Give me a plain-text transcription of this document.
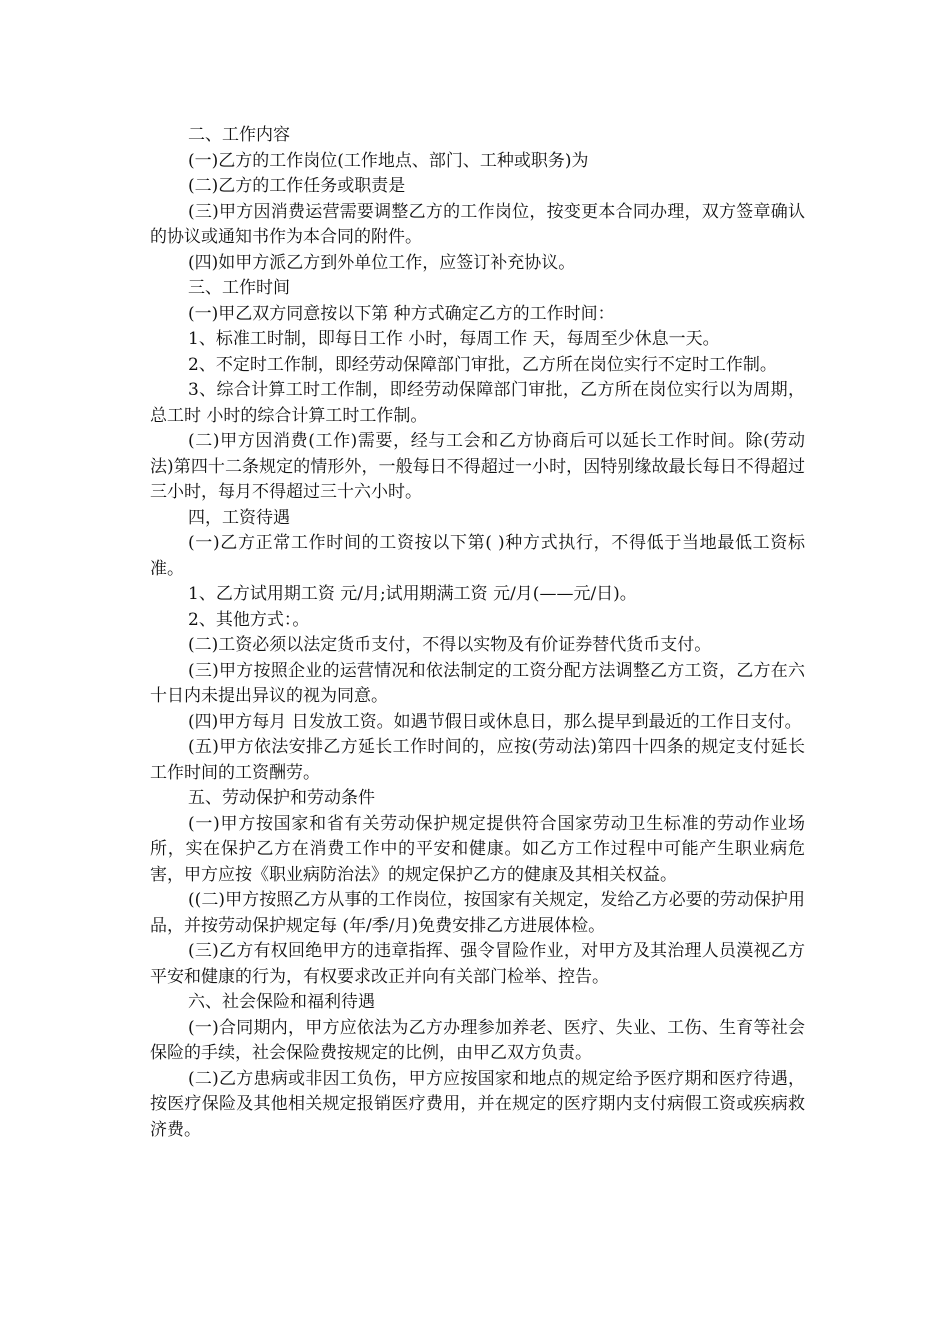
二、工作内容

(一)乙方的工作岗位(工作地点、部门、工种或职务)为

(二)乙方的工作任务或职责是

(三)甲方因消费运营需要调整乙方的工作岗位，按变更本合同办理，双方签章确认的协议或通知书作为本合同的附件。

(四)如甲方派乙方到外单位工作，应签订补充协议。

三、工作时间

(一)甲乙双方同意按以下第 种方式确定乙方的工作时间：

1、标准工时制，即每日工作 小时，每周工作 天，每周至少休息一天。

2、不定时工作制，即经劳动保障部门审批，乙方所在岗位实行不定时工作制。

3、综合计算工时工作制，即经劳动保障部门审批，乙方所在岗位实行以为周期，总工时 小时的综合计算工时工作制。

(二)甲方因消费(工作)需要，经与工会和乙方协商后可以延长工作时间。除(劳动法)第四十二条规定的情形外，一般每日不得超过一小时，因特别缘故最长每日不得超过三小时，每月不得超过三十六小时。

四，工资待遇

(一)乙方正常工作时间的工资按以下第( )种方式执行，不得低于当地最低工资标准。

1、乙方试用期工资 元/月;试用期满工资 元/月(——元/日)。

2、其他方式：。

(二)工资必须以法定货币支付，不得以实物及有价证券替代货币支付。

(三)甲方按照企业的运营情况和依法制定的工资分配方法调整乙方工资，乙方在六十日内未提出异议的视为同意。

(四)甲方每月 日发放工资。如遇节假日或休息日，那么提早到最近的工作日支付。

(五)甲方依法安排乙方延长工作时间的，应按(劳动法)第四十四条的规定支付延长工作时间的工资酬劳。

五、劳动保护和劳动条件

(一)甲方按国家和省有关劳动保护规定提供符合国家劳动卫生标准的劳动作业场所，实在保护乙方在消费工作中的平安和健康。如乙方工作过程中可能产生职业病危害，甲方应按《职业病防治法》的规定保护乙方的健康及其相关权益。

((二)甲方按照乙方从事的工作岗位，按国家有关规定，发给乙方必要的劳动保护用品，并按劳动保护规定每 (年/季/月)免费安排乙方进展体检。

(三)乙方有权回绝甲方的违章指挥、强令冒险作业，对甲方及其治理人员漠视乙方平安和健康的行为，有权要求改正并向有关部门检举、控告。

六、社会保险和福利待遇

(一)合同期内，甲方应依法为乙方办理参加养老、医疗、失业、工伤、生育等社会保险的手续，社会保险费按规定的比例，由甲乙双方负责。

(二)乙方患病或非因工负伤，甲方应按国家和地点的规定给予医疗期和医疗待遇，按医疗保险及其他相关规定报销医疗费用，并在规定的医疗期内支付病假工资或疾病救济费。
